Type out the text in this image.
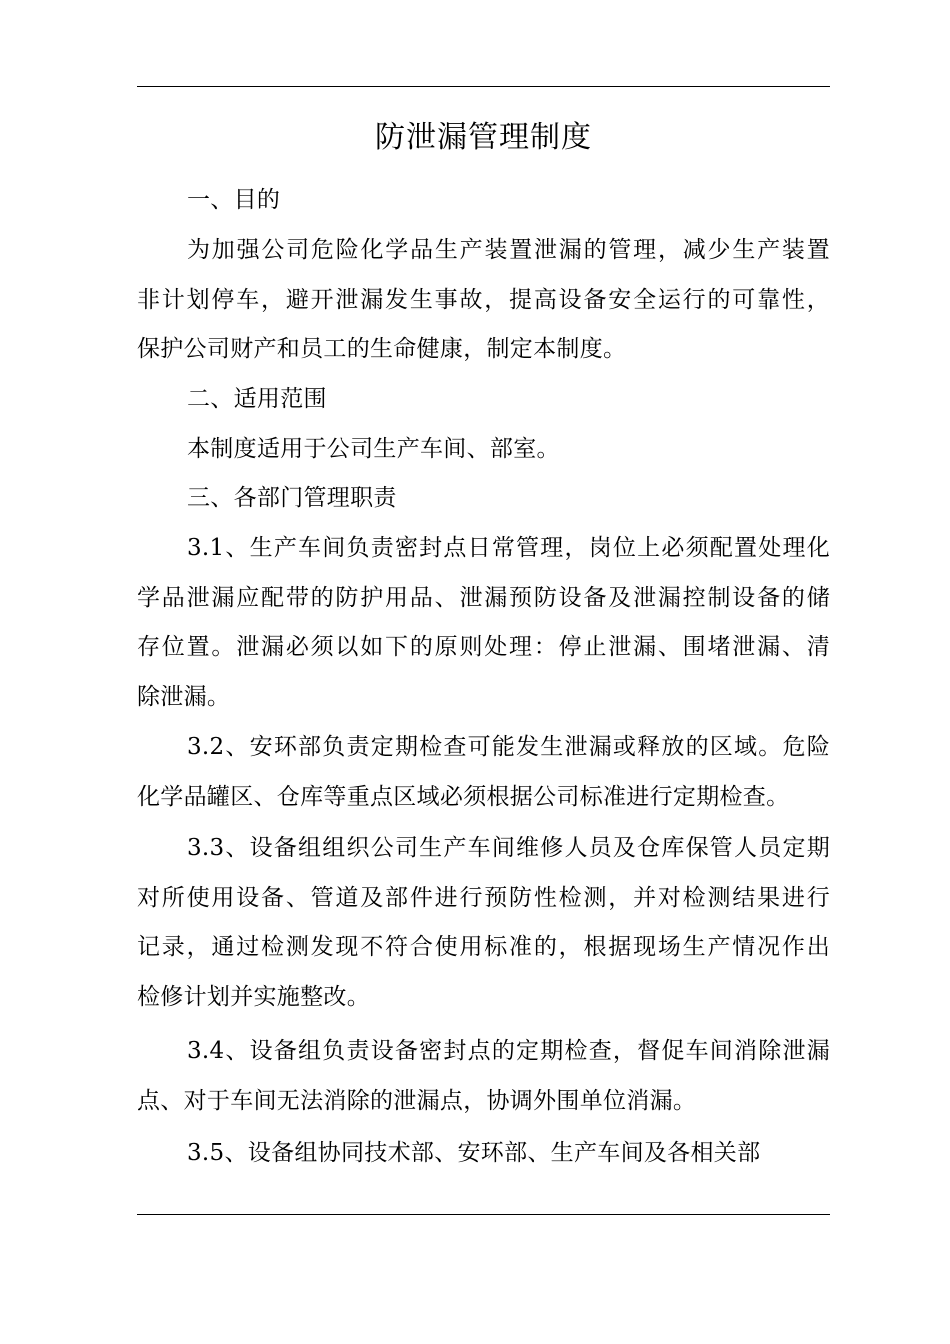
防泄漏管理制度
一、目的
为加强公司危险化学品生产装置泄漏的管理，减少生产装置
非计划停车，避开泄漏发生事故，提高设备安全运行的可靠性，
保护公司财产和员工的生命健康，制定本制度。
二、适用范围
本制度适用于公司生产车间、部室。
三、各部门管理职责
3.1、生产车间负责密封点日常管理，岗位上必须配置处理化
学品泄漏应配带的防护用品、泄漏预防设备及泄漏控制设备的储
存位置。泄漏必须以如下的原则处理：停止泄漏、围堵泄漏、清
除泄漏。
3.2、安环部负责定期检查可能发生泄漏或释放的区域。危险
化学品罐区、仓库等重点区域必须根据公司标准进行定期检查。
3.3、设备组组织公司生产车间维修人员及仓库保管人员定期
对所使用设备、管道及部件进行预防性检测，并对检测结果进行
记录，通过检测发现不符合使用标准的，根据现场生产情况作出
检修计划并实施整改。
3.4、设备组负责设备密封点的定期检查，督促车间消除泄漏
点、对于车间无法消除的泄漏点，协调外围单位消漏。
3.5、设备组协同技术部、安环部、生产车间及各相关部
